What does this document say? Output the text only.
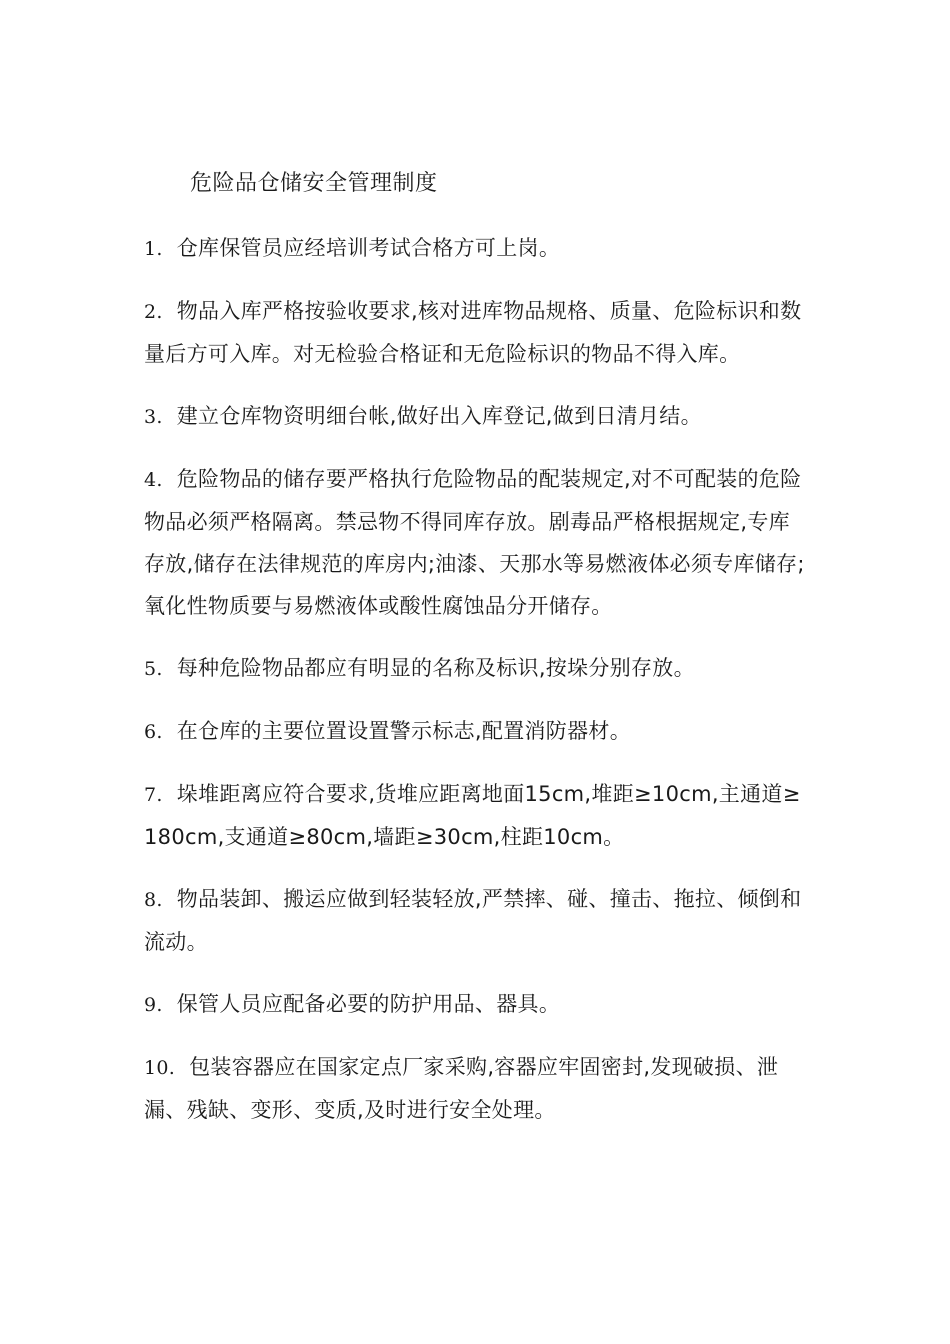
危险品仓储安全管理制度
1. 仓库保管员应经培训考试合格方可上岗。
2. 物品入库严格按验收要求,核对进库物品规格、质量、危险标识和数量后方可入库。对无检验合格证和无危险标识的物品不得入库。
3. 建立仓库物资明细台帐,做好出入库登记,做到日清月结。
4. 危险物品的储存要严格执行危险物品的配装规定,对不可配装的危险物品必须严格隔离。禁忌物不得同库存放。剧毒品严格根据规定,专库存放,储存在法律规范的库房内;油漆、天那水等易燃液体必须专库储存;氧化性物质要与易燃液体或酸性腐蚀品分开储存。
5. 每种危险物品都应有明显的名称及标识,按垛分别存放。
6. 在仓库的主要位置设置警示标志,配置消防器材。
7. 垛堆距离应符合要求,货堆应距离地面15cm,堆距≥10cm,主通道≥180cm,支通道≥80cm,墙距≥30cm,柱距10cm。
8. 物品装卸、搬运应做到轻装轻放,严禁摔、碰、撞击、拖拉、倾倒和流动。
9. 保管人员应配备必要的防护用品、器具。
10. 包装容器应在国家定点厂家采购,容器应牢固密封,发现破损、泄漏、残缺、变形、变质,及时进行安全处理。
